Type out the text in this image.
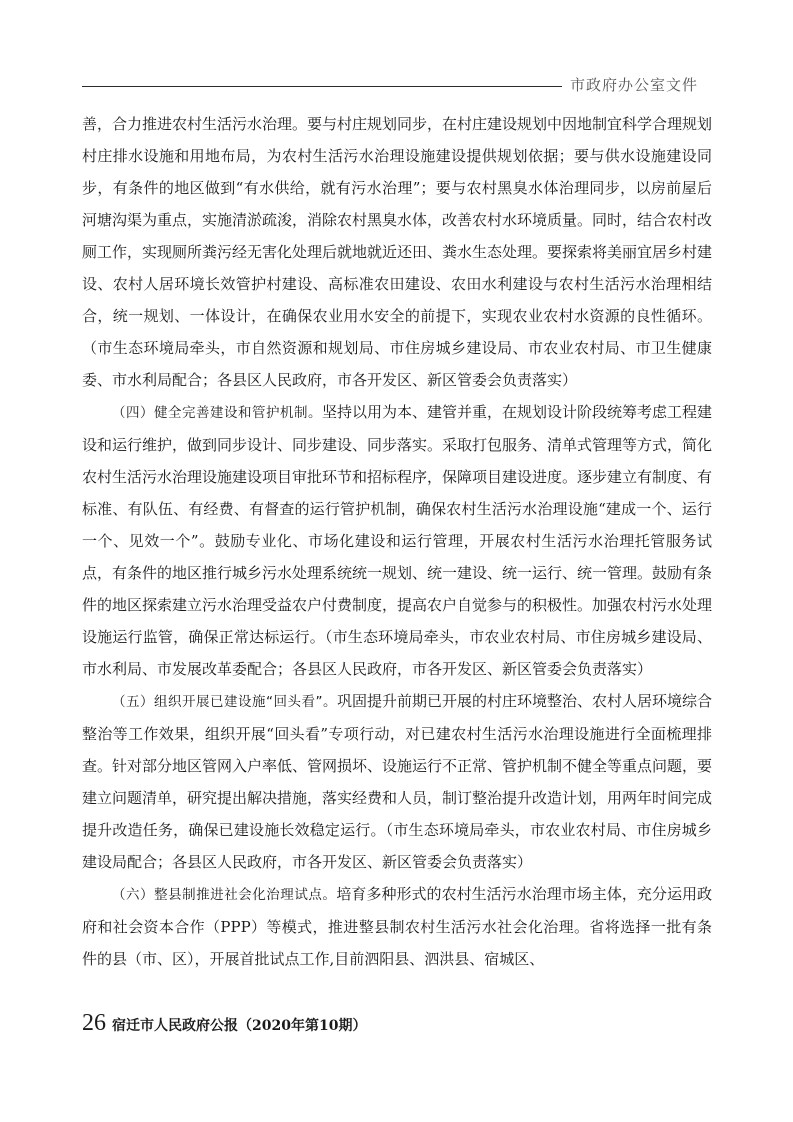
市政府办公室文件

善，合力推进农村生活污水治理。要与村庄规划同步，在村庄建设规划中因地制宜科学合理规划村庄排水设施和用地布局，为农村生活污水治理设施建设提供规划依据；要与供水设施建设同步，有条件的地区做到“有水供给，就有污水治理”；要与农村黑臭水体治理同步，以房前屋后河塘沟渠为重点，实施清淤疏浚，消除农村黑臭水体，改善农村水环境质量。同时，结合农村改厕工作，实现厕所粪污经无害化处理后就地就近还田、粪水生态处理。要探索将美丽宜居乡村建设、农村人居环境长效管护村建设、高标准农田建设、农田水利建设与农村生活污水治理相结合，统一规划、一体设计，在确保农业用水安全的前提下，实现农业农村水资源的良性循环。（市生态环境局牵头，市自然资源和规划局、市住房城乡建设局、市农业农村局、市卫生健康委、市水利局配合；各县区人民政府，市各开发区、新区管委会负责落实）

（四）健全完善建设和管护机制。坚持以用为本、建管并重，在规划设计阶段统筹考虑工程建设和运行维护，做到同步设计、同步建设、同步落实。采取打包服务、清单式管理等方式，简化农村生活污水治理设施建设项目审批环节和招标程序，保障项目建设进度。逐步建立有制度、有标准、有队伍、有经费、有督查的运行管护机制，确保农村生活污水治理设施“建成一个、运行一个、见效一个”。鼓励专业化、市场化建设和运行管理，开展农村生活污水治理托管服务试点，有条件的地区推行城乡污水处理系统统一规划、统一建设、统一运行、统一管理。鼓励有条件的地区探索建立污水治理受益农户付费制度，提高农户自觉参与的积极性。加强农村污水处理设施运行监管，确保正常达标运行。（市生态环境局牵头，市农业农村局、市住房城乡建设局、市水利局、市发展改革委配合；各县区人民政府，市各开发区、新区管委会负责落实）

（五）组织开展已建设施“回头看”。巩固提升前期已开展的村庄环境整治、农村人居环境综合整治等工作效果，组织开展“回头看”专项行动，对已建农村生活污水治理设施进行全面梳理排查。针对部分地区管网入户率低、管网损坏、设施运行不正常、管护机制不健全等重点问题，要建立问题清单，研究提出解决措施，落实经费和人员，制订整治提升改造计划，用两年时间完成提升改造任务，确保已建设施长效稳定运行。（市生态环境局牵头，市农业农村局、市住房城乡建设局配合；各县区人民政府，市各开发区、新区管委会负责落实）

（六）整县制推进社会化治理试点。培育多种形式的农村生活污水治理市场主体，充分运用政府和社会资本合作（PPP）等模式，推进整县制农村生活污水社会化治理。省将选择一批有条件的县（市、区），开展首批试点工作,目前泗阳县、泗洪县、宿城区、

26 宿迁市人民政府公报（2020年第10期）
